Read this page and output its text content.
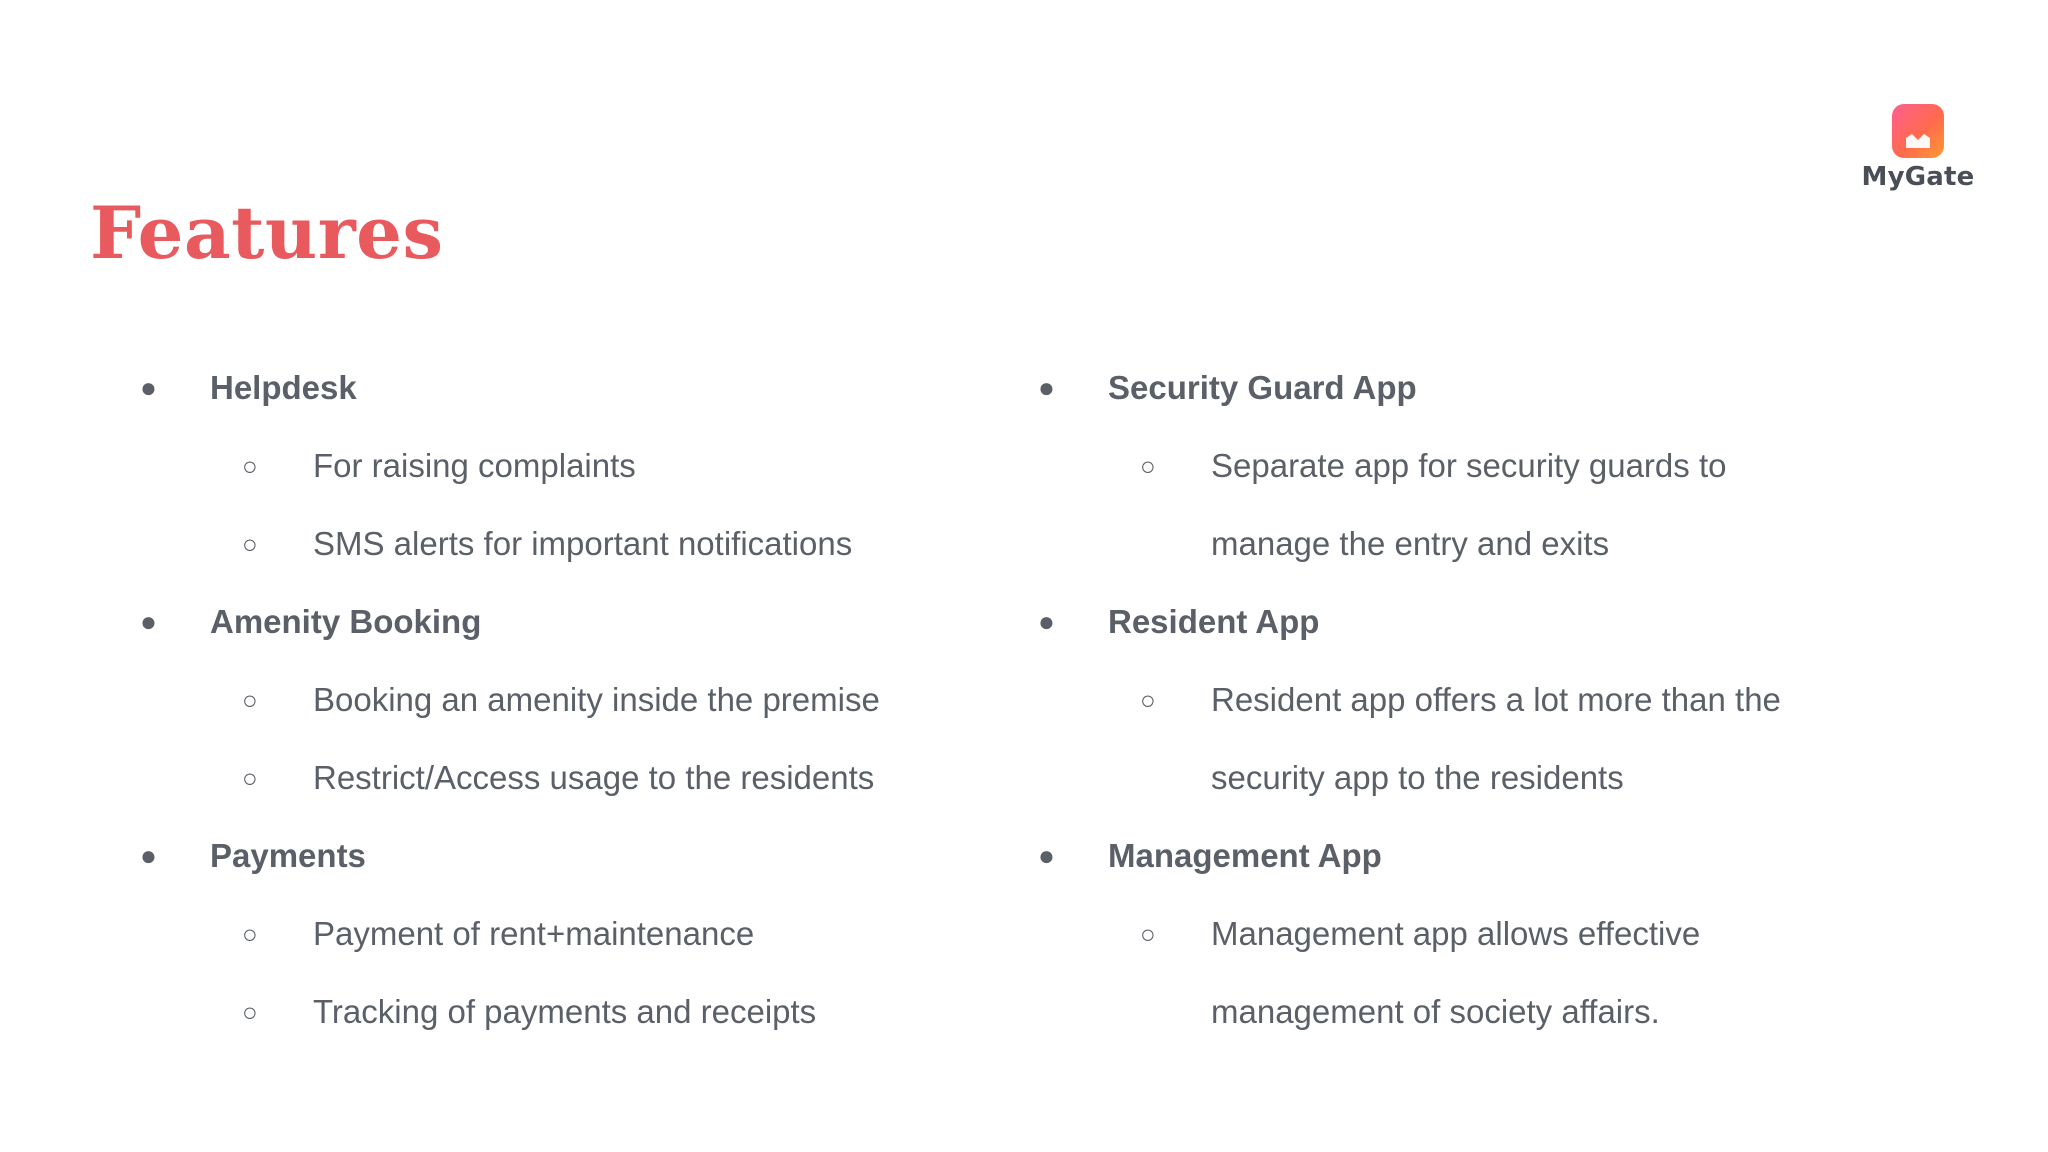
Features
MyGate
● Helpdesk
○ For raising complaints
○ SMS alerts for important notifications
● Amenity Booking
○ Booking an amenity inside the premise
○ Restrict/Access usage to the residents
● Payments
○ Payment of rent+maintenance
○ Tracking of payments and receipts
● Security Guard App
○ Separate app for security guards to
manage the entry and exits
● Resident App
○ Resident app offers a lot more than the
security app to the residents
● Management App
○ Management app allows effective
management of society affairs.
